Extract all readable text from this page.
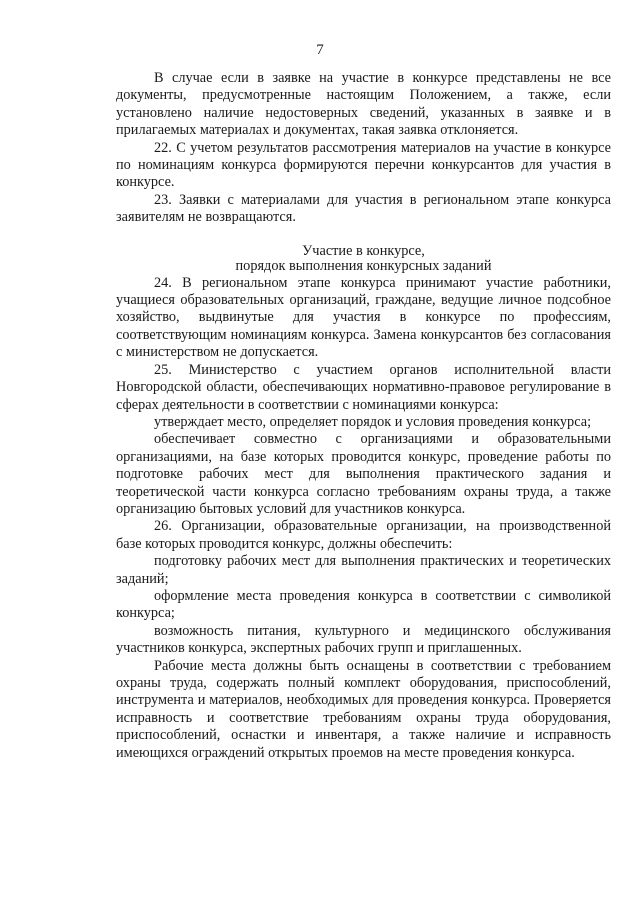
7

В случае если в заявке на участие в конкурсе представлены не все документы, предусмотренные настоящим Положением, а также, если установлено наличие недостоверных сведений, указанных в заявке и в прилагаемых материалах и документах, такая заявка отклоняется.

22. С учетом результатов рассмотрения материалов на участие в конкурсе по номинациям конкурса формируются перечни конкурсантов для участия в конкурсе.

23. Заявки с материалами для участия в региональном этапе конкурса заявителям не возвращаются.

Участие в конкурсе,

порядок выполнения конкурсных заданий

24. В региональном этапе конкурса принимают участие работники, учащиеся образовательных организаций, граждане, ведущие личное подсобное хозяйство, выдвинутые для участия в конкурсе по профессиям, соответствующим номинациям конкурса. Замена конкурсантов без согласования с министерством не допускается.

25. Министерство с участием органов исполнительной власти Новгородской области, обеспечивающих нормативно-правовое регулирование в сферах деятельности в соответствии с номинациями конкурса:

утверждает место, определяет порядок и условия проведения конкурса;

обеспечивает совместно с организациями и образовательными организациями, на базе которых проводится конкурс, проведение работы по подготовке рабочих мест для выполнения практического задания и теоретической части конкурса согласно требованиям охраны труда, а также организацию бытовых условий для участников конкурса.

26. Организации, образовательные организации, на производственной базе которых проводится конкурс, должны обеспечить:

подготовку рабочих мест для выполнения практических и теоретических заданий;

оформление места проведения конкурса в соответствии с символикой конкурса;

возможность питания, культурного и медицинского обслуживания участников конкурса, экспертных рабочих групп и приглашенных.

Рабочие места должны быть оснащены в соответствии с требованием охраны труда, содержать полный комплект оборудования, приспособлений, инструмента и материалов, необходимых для проведения конкурса. Проверяется исправность и соответствие требованиям охраны труда оборудования, приспособлений, оснастки и инвентаря, а также наличие и исправность имеющихся ограждений открытых проемов на месте проведения конкурса.
